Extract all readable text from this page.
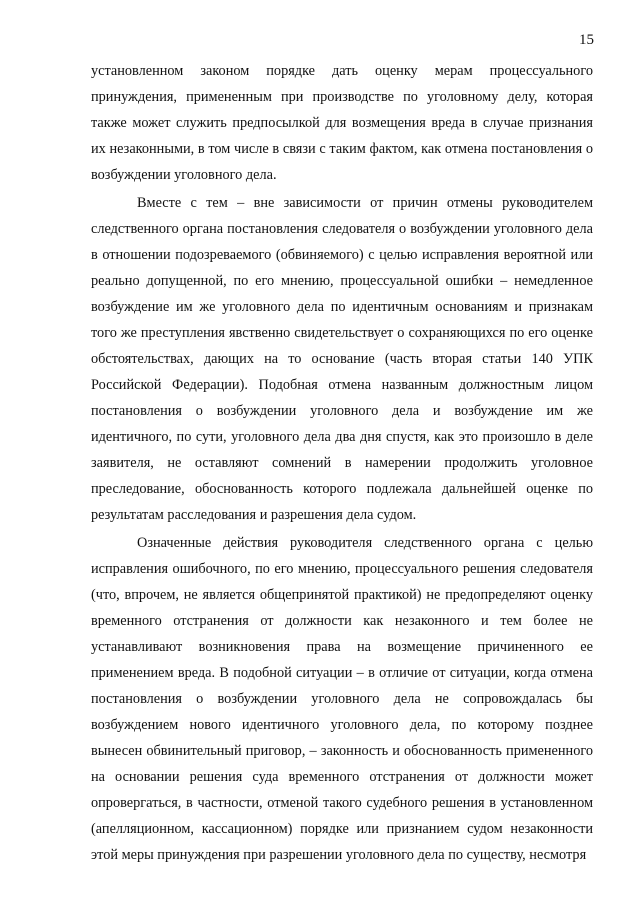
15

установленном законом порядке дать оценку мерам процессуального принуждения, примененным при производстве по уголовному делу, которая также может служить предпосылкой для возмещения вреда в случае признания их незаконными, в том числе в связи с таким фактом, как отмена постановления о возбуждении уголовного дела.

Вместе с тем – вне зависимости от причин отмены руководителем следственного органа постановления следователя о возбуждении уголовного дела в отношении подозреваемого (обвиняемого) с целью исправления вероятной или реально допущенной, по его мнению, процессуальной ошибки – немедленное возбуждение им же уголовного дела по идентичным основаниям и признакам того же преступления явственно свидетельствует о сохраняющихся по его оценке обстоятельствах, дающих на то основание (часть вторая статьи 140 УПК Российской Федерации). Подобная отмена названным должностным лицом постановления о возбуждении уголовного дела и возбуждение им же идентичного, по сути, уголовного дела два дня спустя, как это произошло в деле заявителя, не оставляют сомнений в намерении продолжить уголовное преследование, обоснованность которого подлежала дальнейшей оценке по результатам расследования и разрешения дела судом.

Означенные действия руководителя следственного органа с целью исправления ошибочного, по его мнению, процессуального решения следователя (что, впрочем, не является общепринятой практикой) не предопределяют оценку временного отстранения от должности как незаконного и тем более не устанавливают возникновения права на возмещение причиненного ее применением вреда. В подобной ситуации – в отличие от ситуации, когда отмена постановления о возбуждении уголовного дела не сопровождалась бы возбуждением нового идентичного уголовного дела, по которому позднее вынесен обвинительный приговор, – законность и обоснованность примененного на основании решения суда временного отстранения от должности может опровергаться, в частности, отменой такого судебного решения в установленном (апелляционном, кассационном) порядке или признанием судом незаконности этой меры принуждения при разрешении уголовного дела по существу, несмотря
